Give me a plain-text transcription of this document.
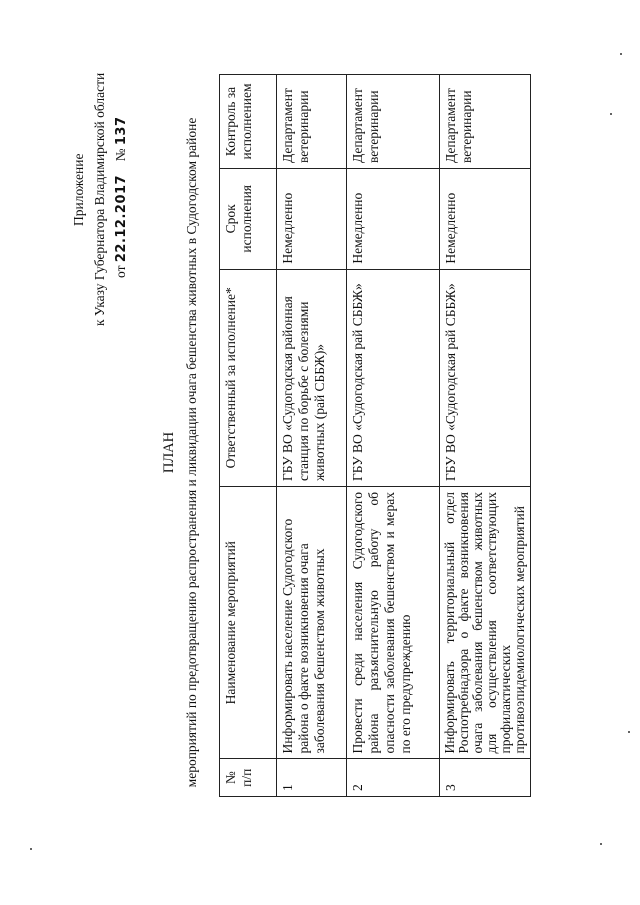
Приложение к Указу Губернатора Владимирской области от 22.12.2017    № 137
ПЛАН мероприятий по предотвращению распространения и ликвидации очага бешенства животных в Судогодском районе № п/п	Наименование мероприятий	Ответственный за исполнение*	Срок исполнения	Контроль за исполнением
1	Информировать население Судогодского района о факте возникновения очага заболевания бешенством животных	ГБУ ВО «Судогодская районная станция по борьбе с болезнями животных (рай СББЖ)»	Немедленно	Департамент ветеринарии
2	Провести среди населения Судогодского района разъяснительную работу об опасности заболевания бешенством и мерах по его предупреждению	ГБУ ВО «Судогодская рай СББЖ»	Немедленно	Департамент ветеринарии
3	Информировать территориальный отдел Роспотребнадзора о факте возникновения очага заболевания бешенством животных для осуществления соответствующих профилактических противоэпидемиологических мероприятий	ГБУ ВО «Судогодская рай СББЖ»	Немедленно	Департамент ветеринарии
